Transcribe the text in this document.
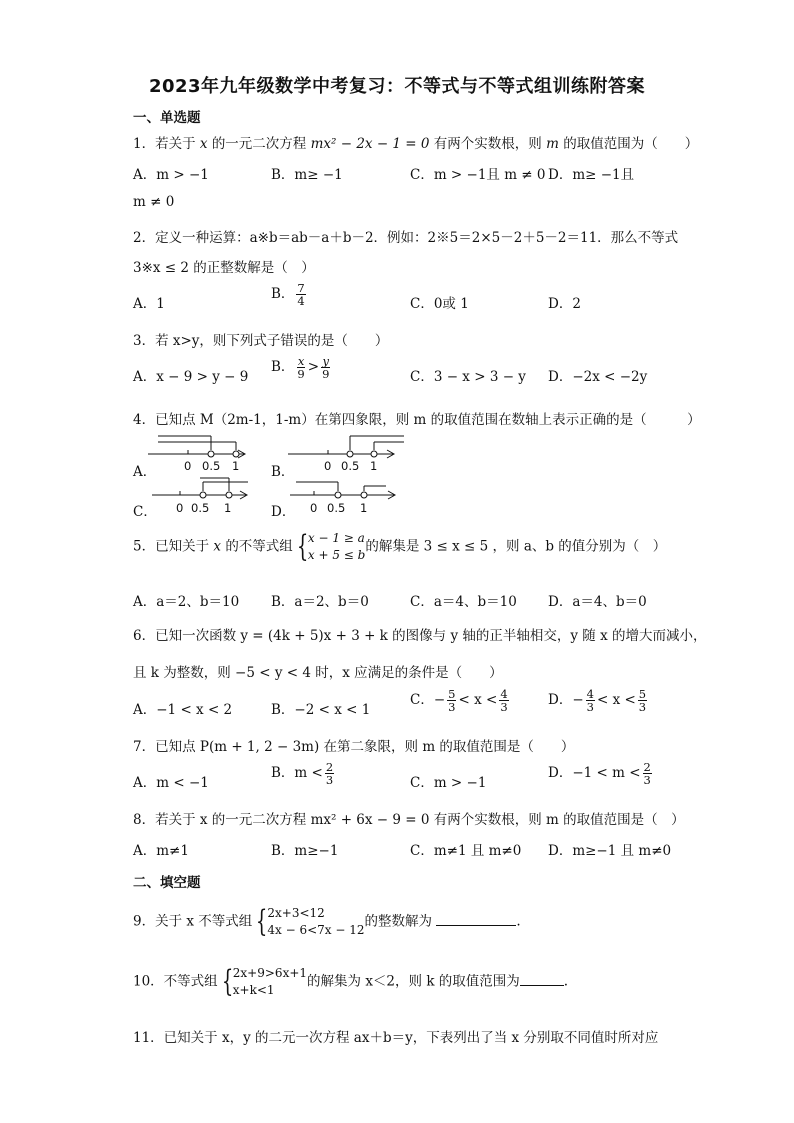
2023年九年级数学中考复习：不等式与不等式组训练附答案
一、单选题
1．若关于 x 的一元二次方程 mx² − 2x − 1 = 0 有两个实数根，则 m 的取值范围为（　　）
A．m > −1	B．m≥ −1	C．m > −1且 m ≠ 0 D．m≥ −1且
m ≠ 0
2．定义一种运算：a※b＝ab－a＋b－2．例如：2※5＝2×5－2＋5－2＝11．那么不等式
3※x ≤ 2 的正整数解是（　）
A．1
B． $\frac{7}{4}$	C．0或 1	D．2
3．若 x>y，则下列式子错误的是（　　）
A．x − 9 > y − 9
B． $\frac{x}{9} > \frac{y}{9}$	C．3 − x > 3 − y D．−2x < −2y
4．已知点 M（2m-1，1-m）在第四象限，则 m 的取值范围在数轴上表示正确的是（　　　）
A．	B．
C．	D．
0 0.5 1	0 0.5 1
0 0.5 1	0 0.5 1
5．已知关于 x 的不等式组 { x − 1 ≥ a
x + 5 ≤ b
的解集是 3 ≤ x ≤ 5 ，则 a、b 的值分别为（　）
A．a＝2、b＝10 B．a＝2、b＝0	C．a＝4、b＝10 D．a＝4、b＝0
6．已知一次函数 y = (4k + 5)x + 3 + k 的图像与 y 轴的正半轴相交，y 随 x 的增大而减小，
且 k 为整数，则 −5 < y < 4 时，x 应满足的条件是（　　）
A．−1 < x < 2	B．−2 < x < 1
C．− $\frac{5}{3} < x < \frac{4}{3}$	D．− $\frac{4}{3} < x < \frac{5}{3}$
7．已知点 P(m + 1, 2 − 3m) 在第二象限，则 m 的取值范围是（　　）
A．m < −1
B．$m < \frac{2}{3}$	C．m > −1
D．$-1 < m < \frac{2}{3}$
8．若关于 x 的一元二次方程 mx² + 6x − 9 = 0 有两个实数根，则 m 的取值范围是（　）
A．m≠1	B．m≥−1	C．m≠1 且 m≠0 D．m≥−1 且 m≠0
二、填空题
9．关于 x 不等式组 { 2x+3<12
4x − 6<7x − 12
的整数解为	.
10．不等式组 { 2x+9>6x+1
x+k<1
的解集为 x＜2，则 k 的取值范围为	.
11．已知关于 x，y 的二元一次方程 ax＋b＝y，下表列出了当 x 分别取不同值时所对应
